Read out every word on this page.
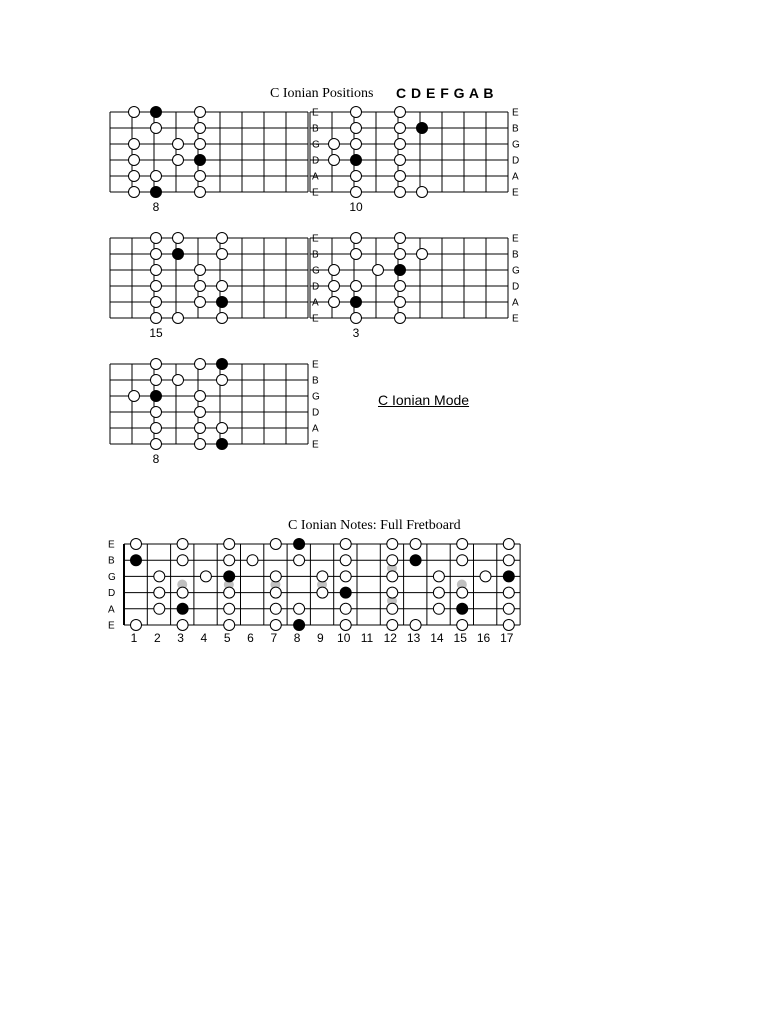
C Ionian Positions C D E F G A B
C Ionian Mode
C Ionian Notes: Full Fretboard
E
B
G
D
A
E
8
E
B
G
D
A
E
10
E
B
G
D
A
E
15
E
B
G
D
A
E
3
E
B
G
D
A
E
8
E
B
G
D
A
E
1 2 3 4 5 6 7 8 9 10 11 12 13 14 15 16 17
